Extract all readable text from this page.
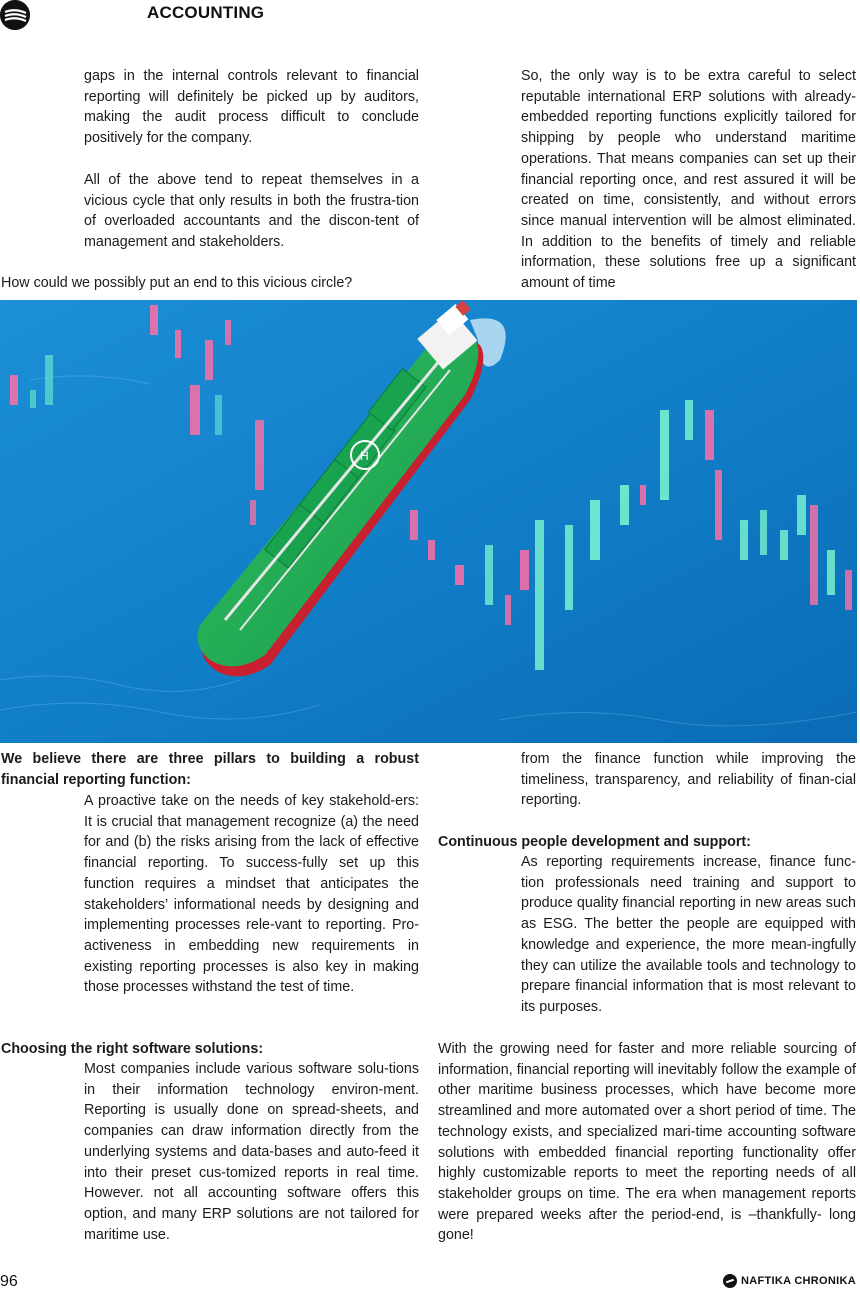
ACCOUNTING
gaps in the internal controls relevant to financial reporting will definitely be picked up by auditors, making the audit process difficult to conclude positively for the company.
All of the above tend to repeat themselves in a vicious cycle that only results in both the frustra-tion of overloaded accountants and the discon-tent of management and stakeholders.
How could we possibly put an end to this vicious circle?
So, the only way is to be extra careful to select reputable international ERP solutions with already-embedded reporting functions explicitly tailored for shipping by people who understand maritime operations. That means companies can set up their financial reporting once, and rest assured it will be created on time, consistently, and without errors since manual intervention will be almost eliminated. In addition to the benefits of timely and reliable information, these solutions free up a significant amount of time
H
We believe there are three pillars to building a robust financial reporting function:
A proactive take on the needs of key stakehold-ers: It is crucial that management recognize (a) the need for and (b) the risks arising from the lack of effective financial reporting. To success-fully set up this function requires a mindset that anticipates the stakeholders’ informational needs by designing and implementing processes rele-vant to reporting. Pro-activeness in embedding new requirements in existing reporting processes is also key in making those processes withstand the test of time.
Choosing the right software solutions:
Most companies include various software solu-tions in their information technology environ-ment. Reporting is usually done on spread-sheets, and companies can draw information directly from the underlying systems and data-bases and auto-feed it into their preset cus-tomized reports in real time. However. not all accounting software offers this option, and many ERP solutions are not tailored for maritime use.
from the finance function while improving the timeliness, transparency, and reliability of finan-cial reporting.
Continuous people development and support:
As reporting requirements increase, finance func-tion professionals need training and support to produce quality financial reporting in new areas such as ESG. The better the people are equipped with knowledge and experience, the more mean-ingfully they can utilize the available tools and technology to prepare financial information that is most relevant to its purposes.
With the growing need for faster and more reliable sourcing of information, financial reporting will inevitably follow the example of other maritime business processes, which have become more streamlined and more automated over a short period of time. The technology exists, and specialized mari-time accounting software solutions with embedded financial reporting functionality offer highly customizable reports to meet the reporting needs of all stakeholder groups on time. The era when management reports were prepared weeks after the period-end, is –thankfully- long gone!
96	NAFTIKA CHRONIKA
